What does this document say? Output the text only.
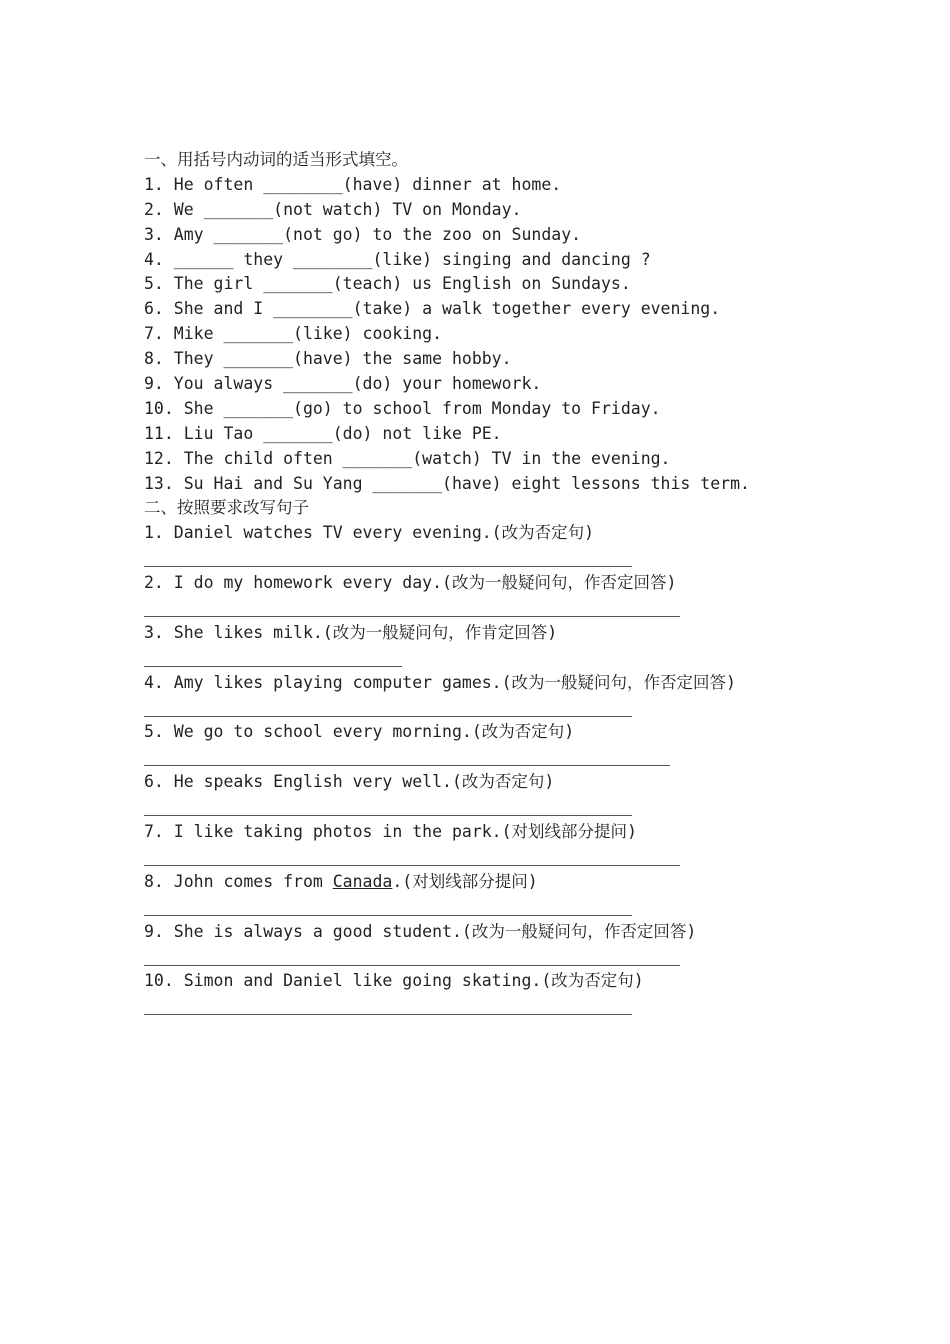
一、用括号内动词的适当形式填空。
1. He often ________(have) dinner at home.
2. We _______(not watch) TV on Monday.
3. Amy _______(not go) to the zoo on Sunday.
4. ______ they ________(like) singing and dancing ?
5. The girl _______(teach) us English on Sundays.
6. She and I ________(take) a walk together every evening.
7. Mike _______(like) cooking.
8. They _______(have) the same hobby.
9. You always _______(do) your homework.
10. She _______(go) to school from Monday to Friday.
11. Liu Tao _______(do) not like PE.
12. The child often _______(watch) TV in the evening.
13. Su Hai and Su Yang _______(have) eight lessons this term.
二、按照要求改写句子
1. Daniel watches TV every evening.(改为否定句)
2. I do my homework every day.(改为一般疑问句，作否定回答)
3. She likes milk.(改为一般疑问句，作肯定回答)
4. Amy likes playing computer games.(改为一般疑问句，作否定回答)
5. We go to school every morning.(改为否定句)
6. He speaks English very well.(改为否定句)
7. I like taking photos in the park.(对划线部分提问)
8. John comes from Canada.(对划线部分提问)
9. She is always a good student.(改为一般疑问句，作否定回答)
10. Simon and Daniel like going skating.(改为否定句)
